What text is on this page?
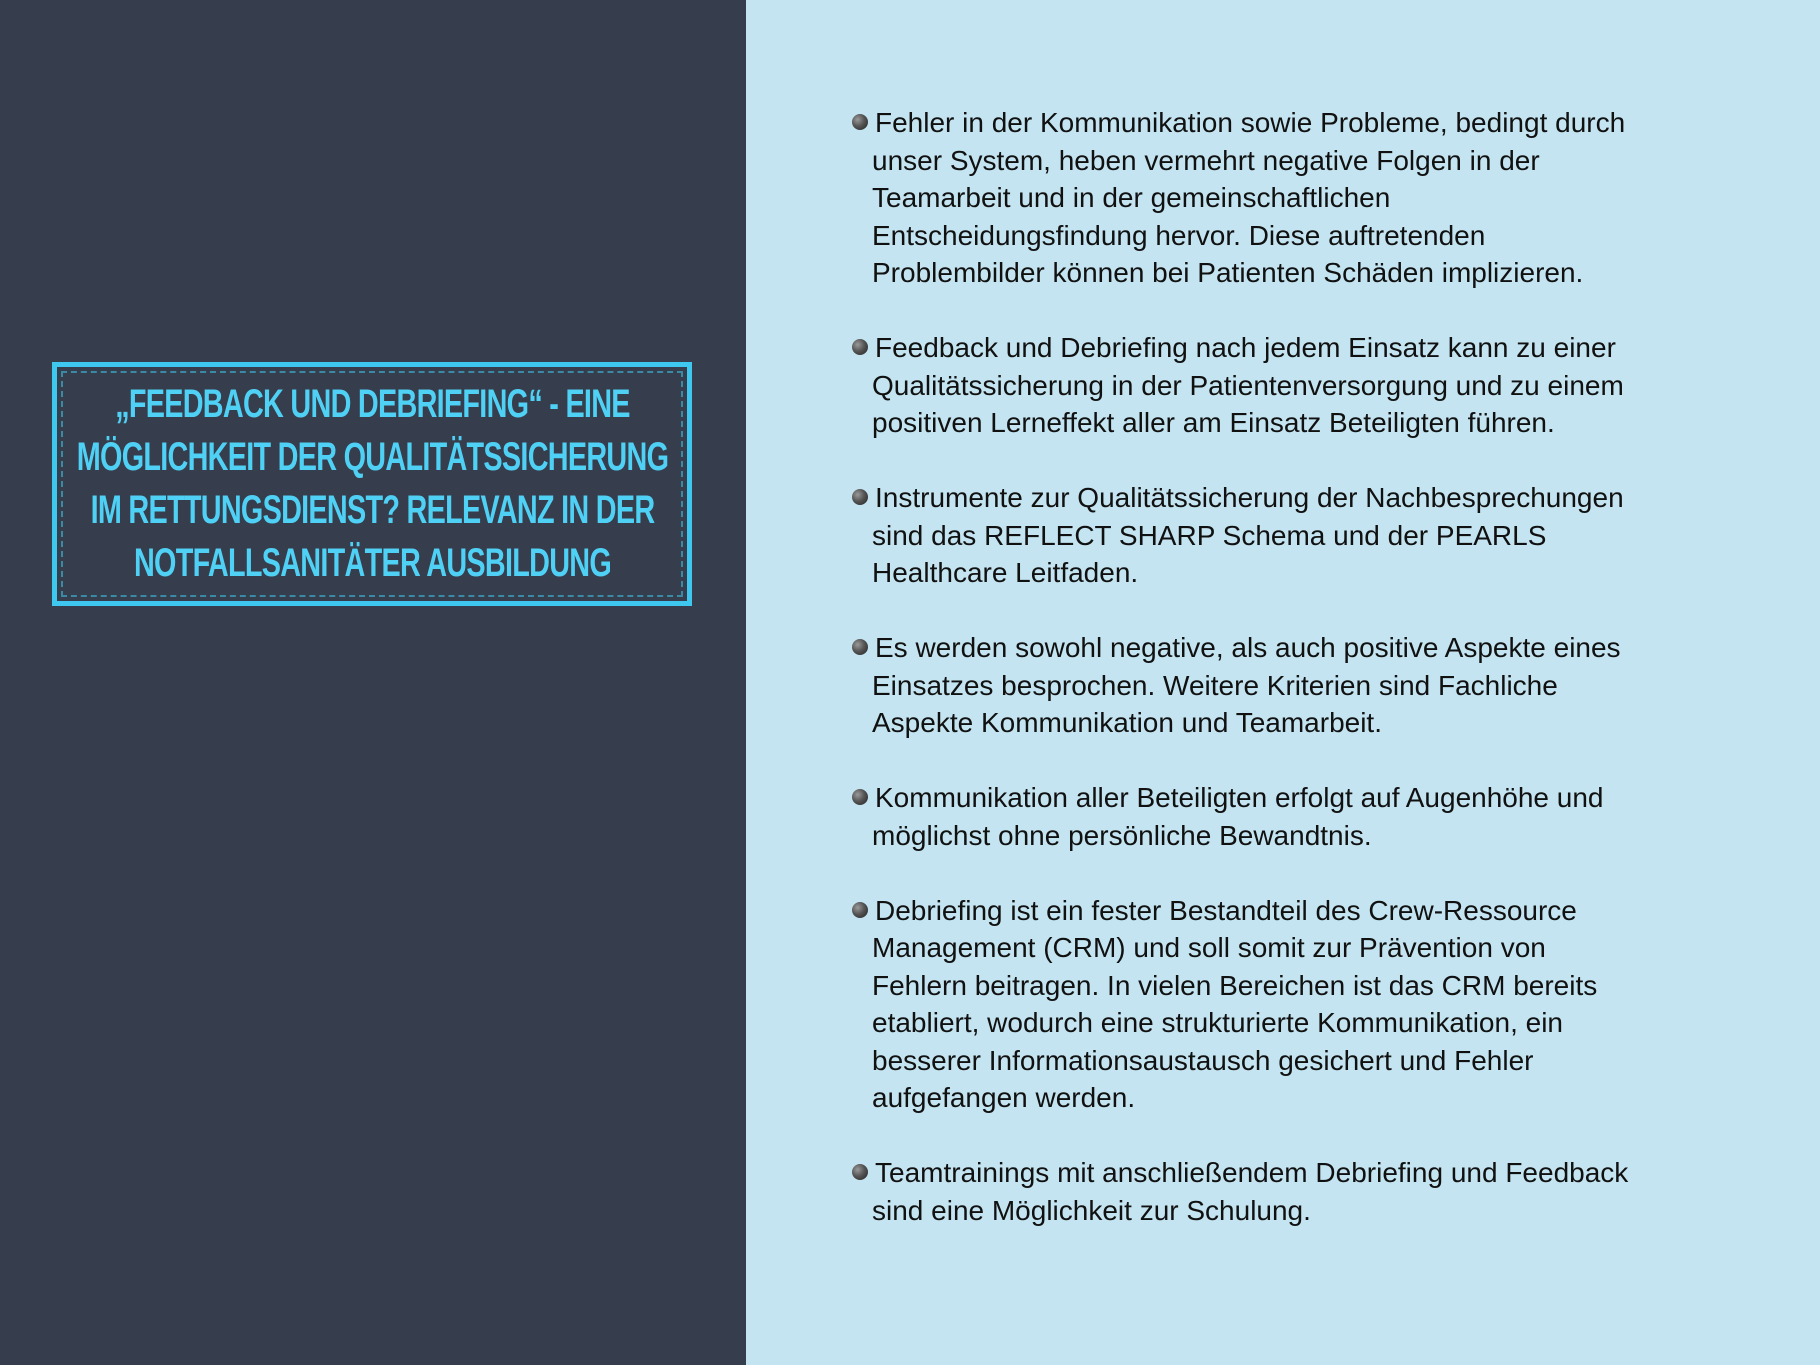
„FEEDBACK UND DEBRIEFING“ - EINE
MÖGLICHKEIT DER QUALITÄTSSICHERUNG
IM RETTUNGSDIENST? RELEVANZ IN DER
NOTFALLSANITÄTER AUSBILDUNG
Fehler in der Kommunikation sowie Probleme, bedingt durch
unser System, heben vermehrt negative Folgen in der
Teamarbeit und in der gemeinschaftlichen
Entscheidungsfindung hervor. Diese auftretenden
Problembilder können bei Patienten Schäden implizieren.
Feedback und Debriefing nach jedem Einsatz kann zu einer
Qualitätssicherung in der Patientenversorgung und zu einem
positiven Lerneffekt aller am Einsatz Beteiligten führen.
Instrumente zur Qualitätssicherung der Nachbesprechungen
sind das REFLECT SHARP Schema und der PEARLS
Healthcare Leitfaden.
Es werden sowohl negative, als auch positive Aspekte eines
Einsatzes besprochen. Weitere Kriterien sind Fachliche
Aspekte Kommunikation und Teamarbeit.
Kommunikation aller Beteiligten erfolgt auf Augenhöhe und
möglichst ohne persönliche Bewandtnis.
Debriefing ist ein fester Bestandteil des Crew-Ressource
Management (CRM) und soll somit zur Prävention von
Fehlern beitragen. In vielen Bereichen ist das CRM bereits
etabliert, wodurch eine strukturierte Kommunikation, ein
besserer Informationsaustausch gesichert und Fehler
aufgefangen werden.
Teamtrainings mit anschließendem Debriefing und Feedback
sind eine Möglichkeit zur Schulung.
